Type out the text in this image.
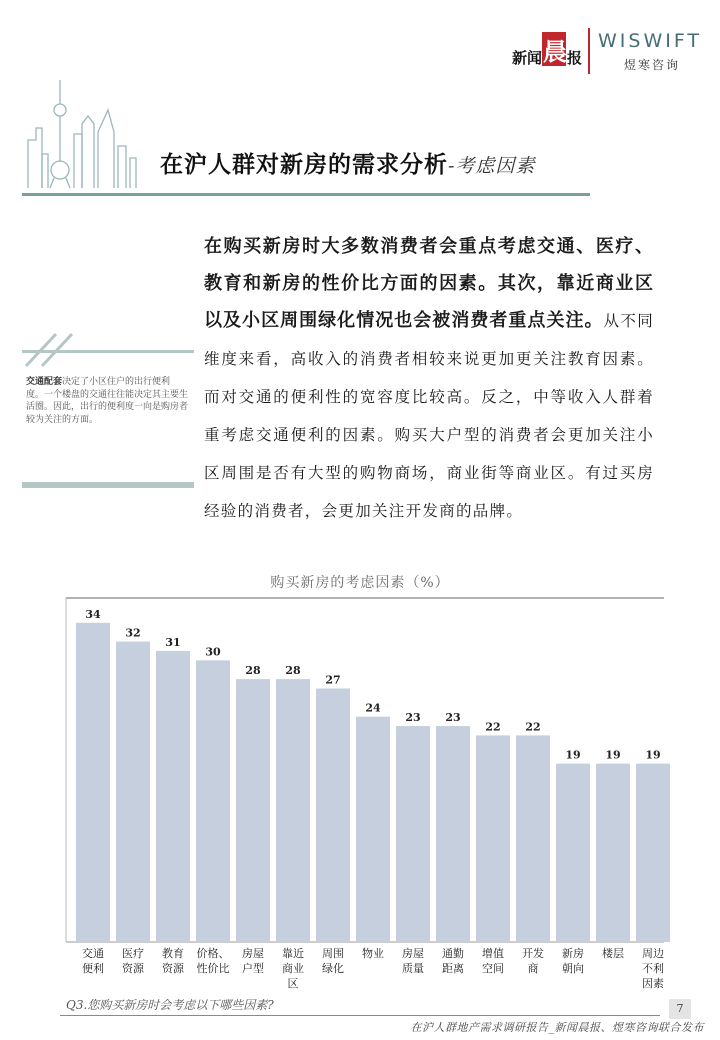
新闻 晨 报
WISWIFT
煜寒咨询
在沪人群对新房的需求分析-考虑因素
交通配套决定了小区住户的出行便利度。一个楼盘的交通往往能决定其主要生活圈。因此，出行的便利度一向是购房者较为关注的方面。
在购买新房时大多数消费者会重点考虑交通、医疗、教育和新房的性价比方面的因素。其次，靠近商业区以及小区周围绿化情况也会被消费者重点关注。从不同维度来看，高收入的消费者相较来说更加更关注教育因素。而对交通的便利性的宽容度比较高。反之，中等收入人群着重考虑交通便利的因素。购买大户型的消费者会更加关注小区周围是否有大型的购物商场，商业街等商业区。有过买房经验的消费者，会更加关注开发商的品牌。
购买新房的考虑因素（%）
34
交通
便利
32
医疗
资源
31
教育
资源
30
价格、
性价比
28
房屋
户型
28
靠近
商业
区
27
周围
绿化
24
物业
23
房屋
质量
23
通勤
距离
22
增值
空间
22
开发
商
19
新房
朝向
19
楼层
19
周边
不利
因素
Q3.您购买新房时会考虑以下哪些因素?	7
在沪人群地产需求调研报告_新闻晨报、煜寒咨询联合发布
